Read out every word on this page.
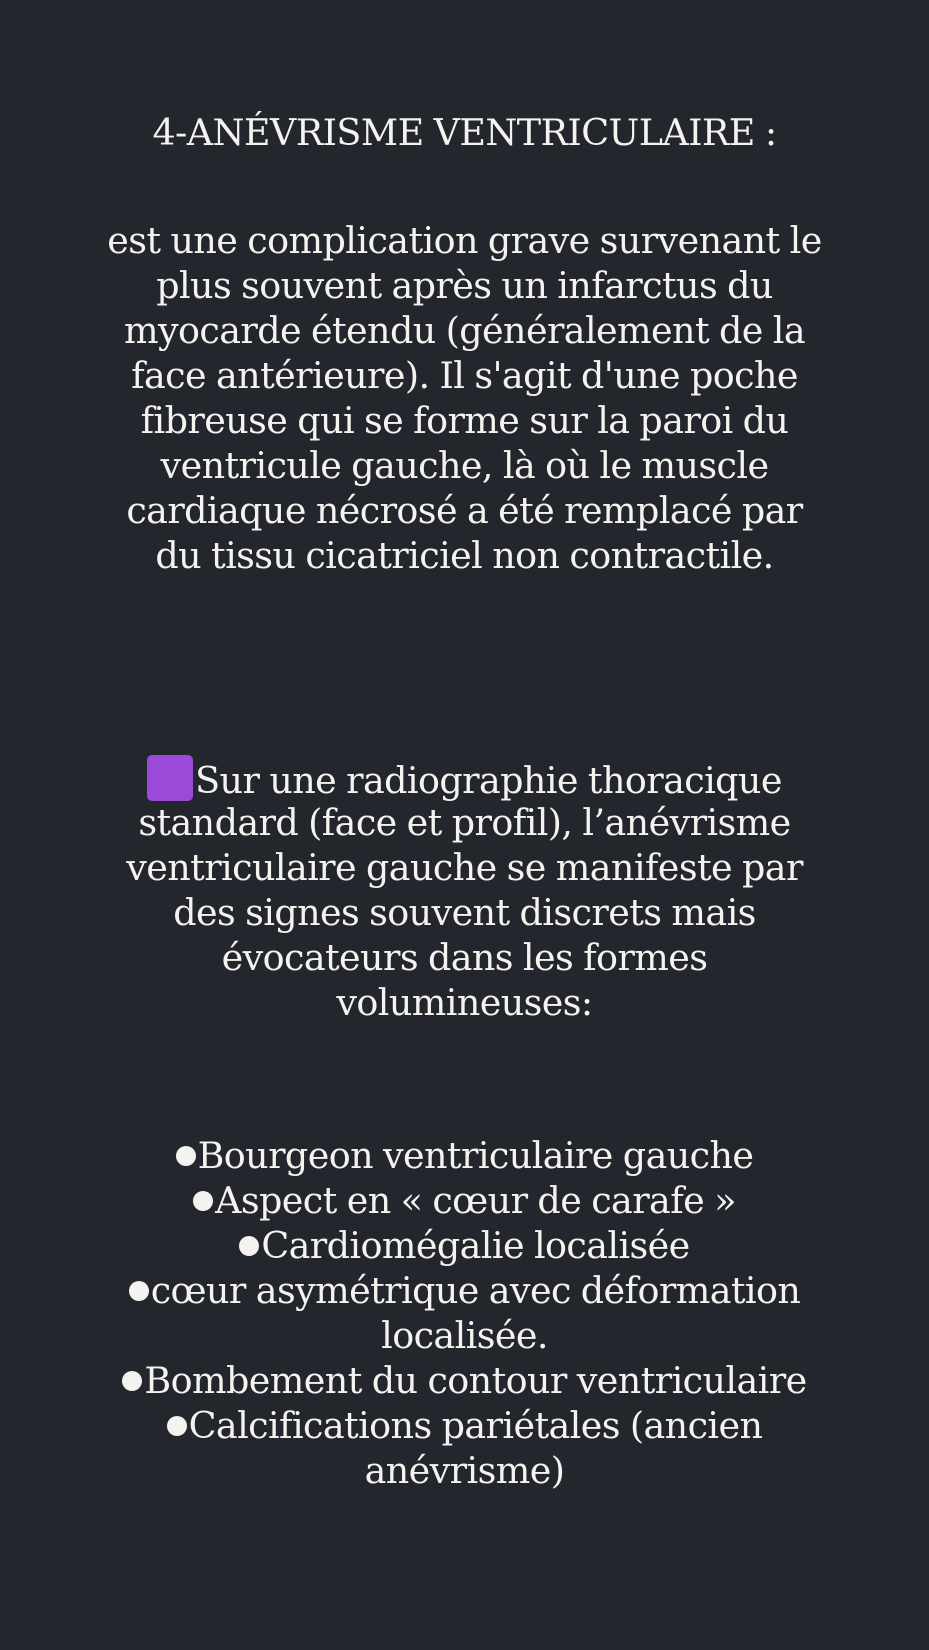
4-ANÉVRISME VENTRICULAIRE :
est une complication grave survenant le
plus souvent après un infarctus du
myocarde étendu (généralement de la
face antérieure). Il s'agit d'une poche
fibreuse qui se forme sur la paroi du
ventricule gauche, là où le muscle
cardiaque nécrosé a été remplacé par
du tissu cicatriciel non contractile.
Sur une radiographie thoracique
standard (face et profil), l’anévrisme
ventriculaire gauche se manifeste par
des signes souvent discrets mais
évocateurs dans les formes
volumineuses:
Bourgeon ventriculaire gauche
Aspect en « cœur de carafe »
Cardiomégalie localisée
cœur asymétrique avec déformation
localisée.
Bombement du contour ventriculaire
Calcifications pariétales (ancien
anévrisme)
